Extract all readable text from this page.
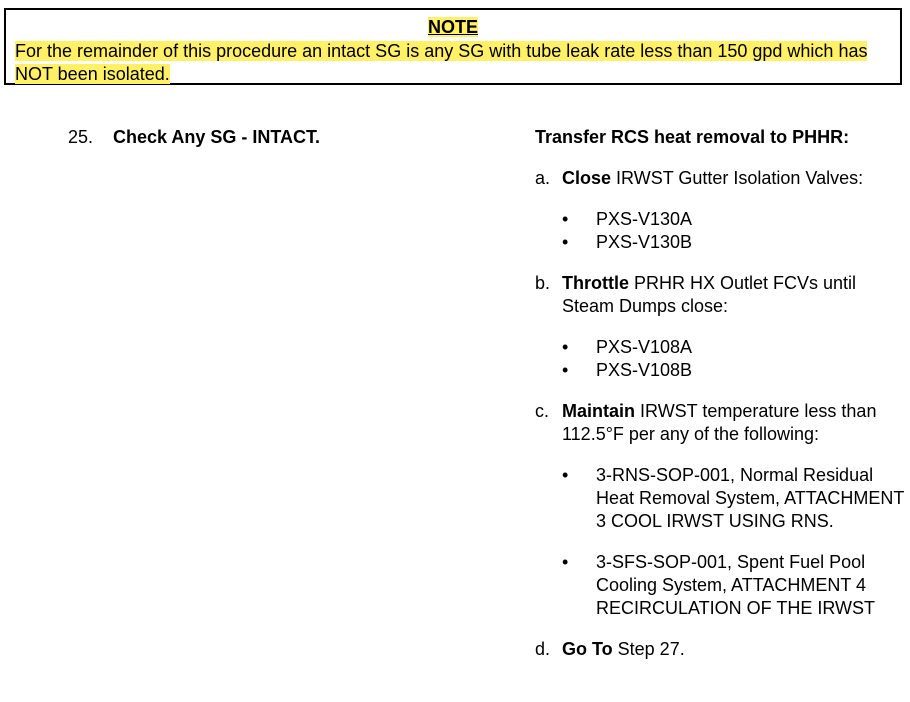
NOTE
For the remainder of this procedure an intact SG is any SG with tube leak rate less than 150 gpd which has NOT been isolated.
25. Check Any SG - INTACT.	Transfer RCS heat removal to PHHR:
a. Close IRWST Gutter Isolation Valves:
• PXS-V130A
• PXS-V130B
b. Throttle PRHR HX Outlet FCVs until Steam Dumps close:
• PXS-V108A
• PXS-V108B
c. Maintain IRWST temperature less than 112.5°F per any of the following:
• 3-RNS-SOP-001, Normal Residual Heat Removal System, ATTACHMENT 3 COOL IRWST USING RNS.
• 3-SFS-SOP-001, Spent Fuel Pool Cooling System, ATTACHMENT 4 RECIRCULATION OF THE IRWST
d. Go To Step 27.
